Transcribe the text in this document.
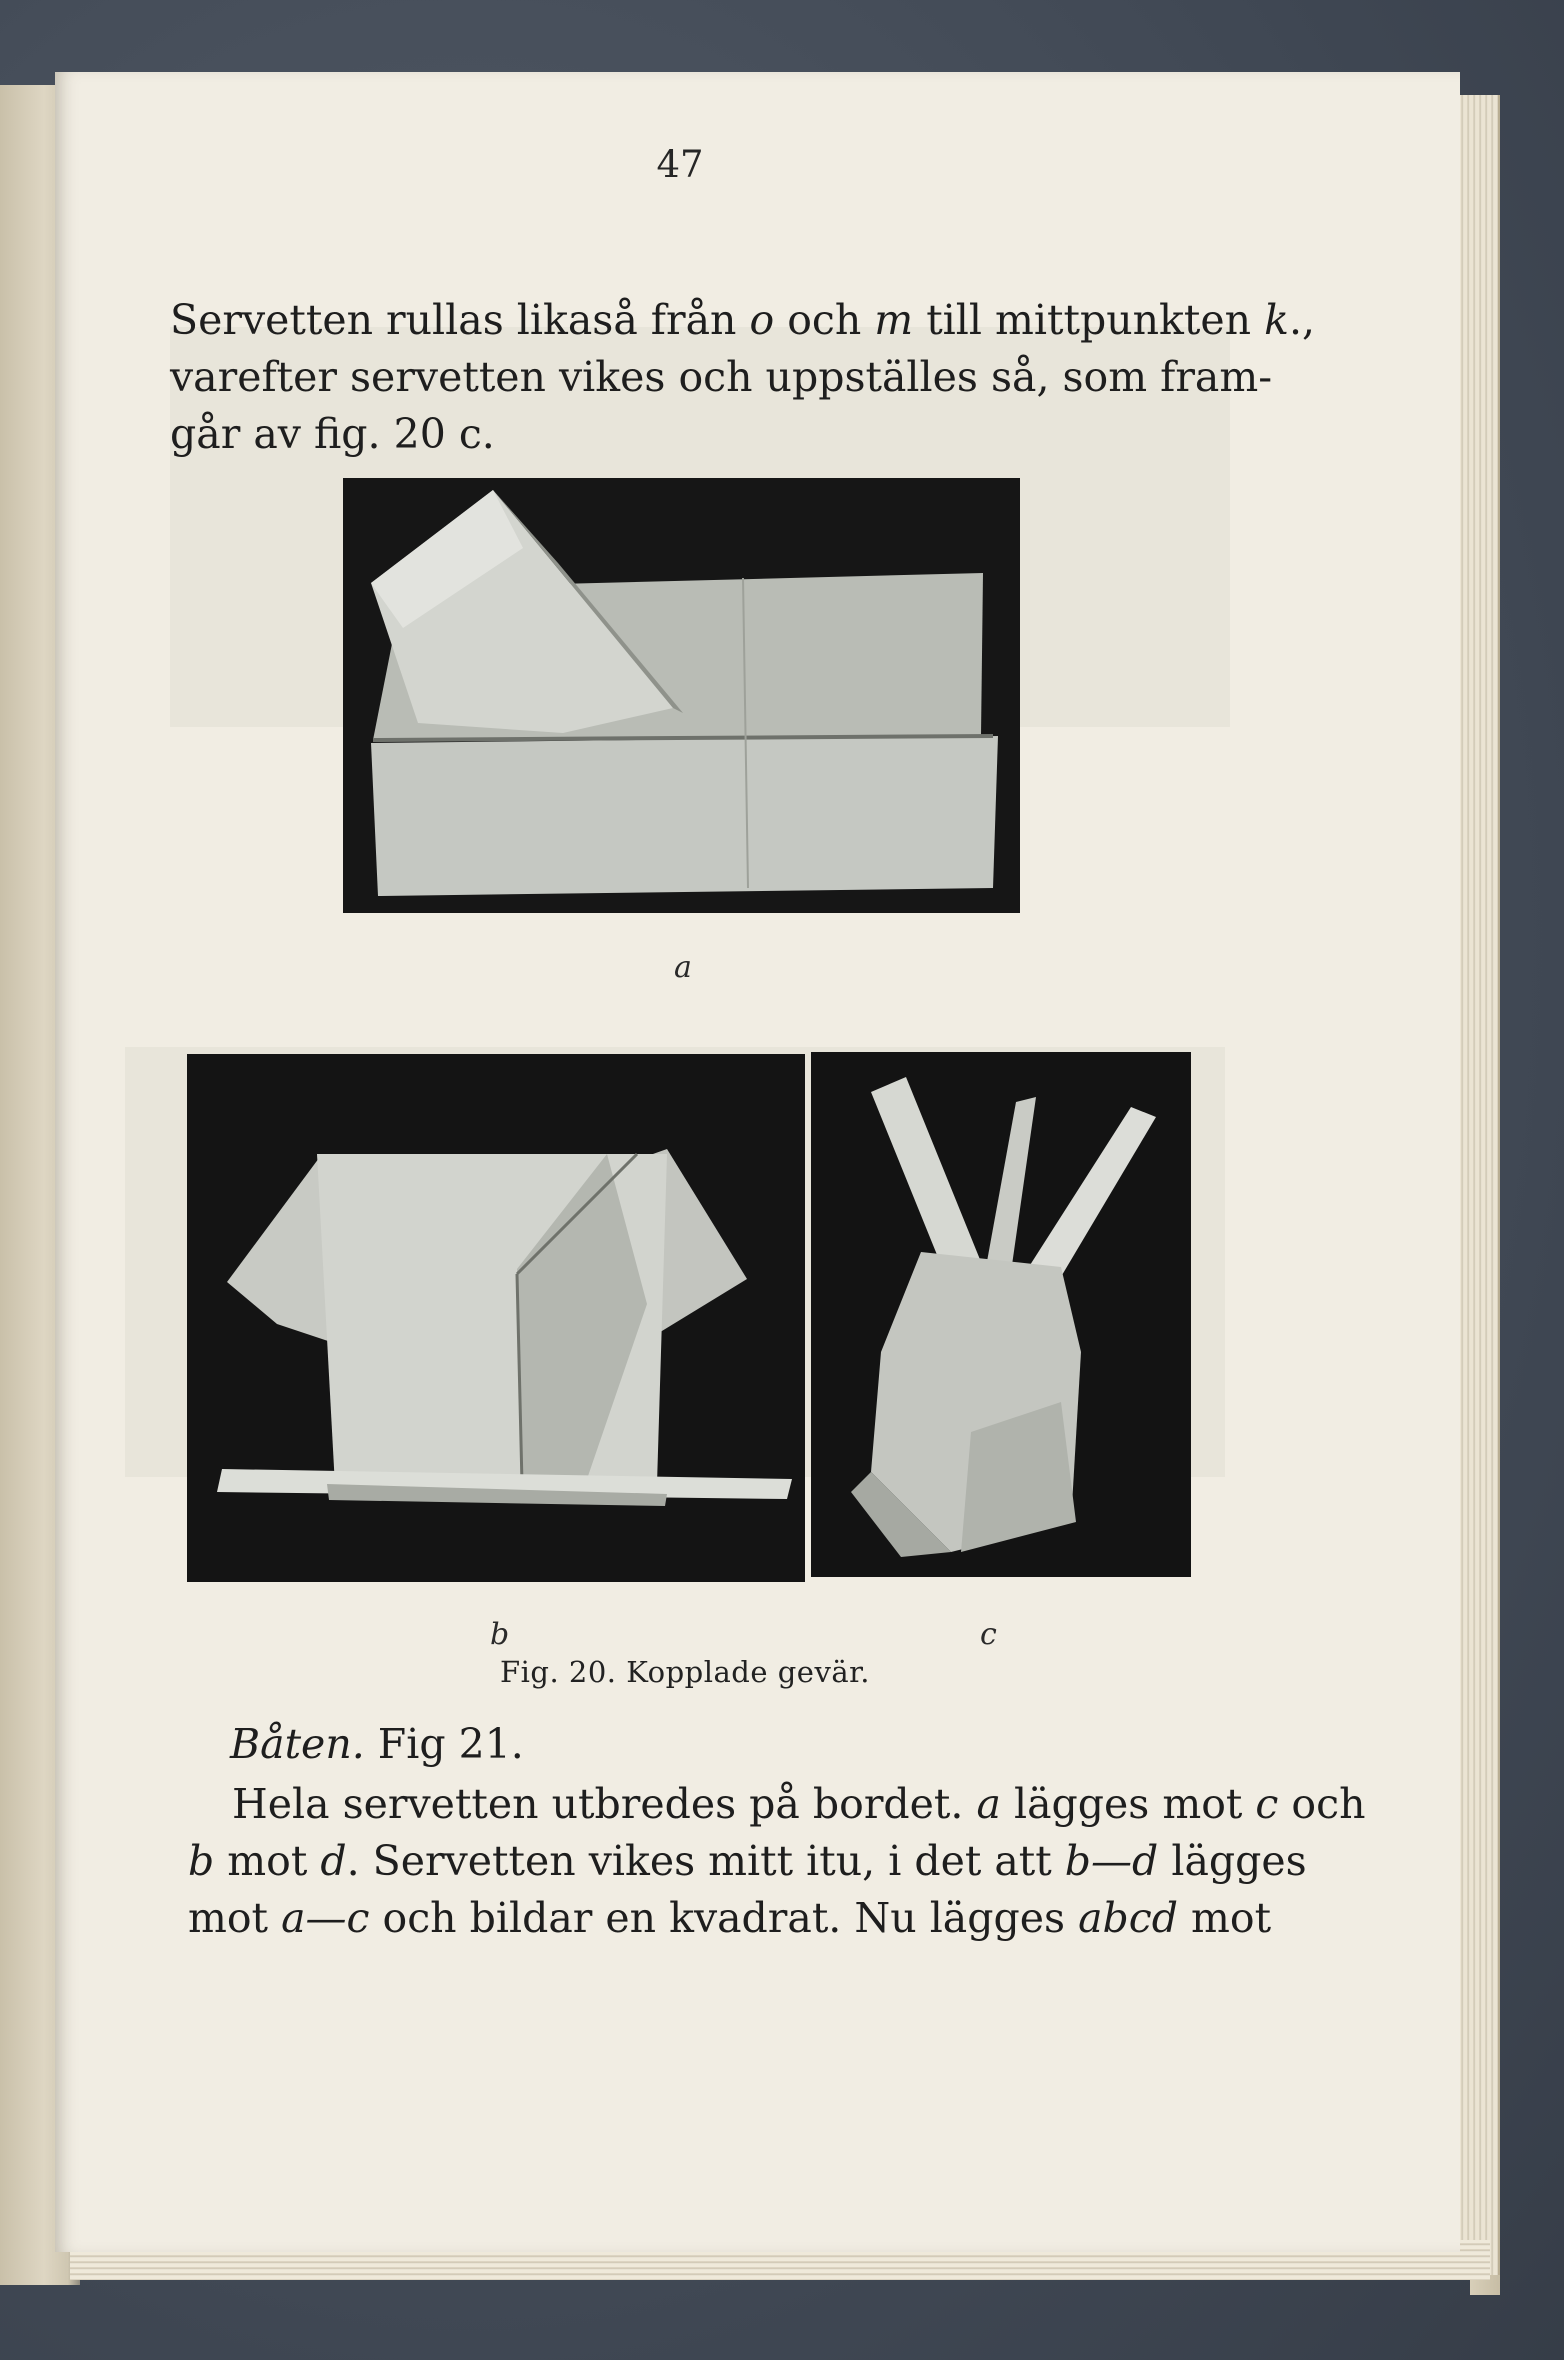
47
Servetten rullas likaså från o och m till mittpunkten k.,
varefter servetten vikes och uppställes så, som fram-
går av fig. 20 c.
a
b	c
Fig. 20. Kopplade gevär.
Båten. Fig 21.
Hela servetten utbredes på bordet. a lägges mot c och
b mot d. Servetten vikes mitt itu, i det att b—d lägges
mot a—c och bildar en kvadrat. Nu lägges abcd mot
